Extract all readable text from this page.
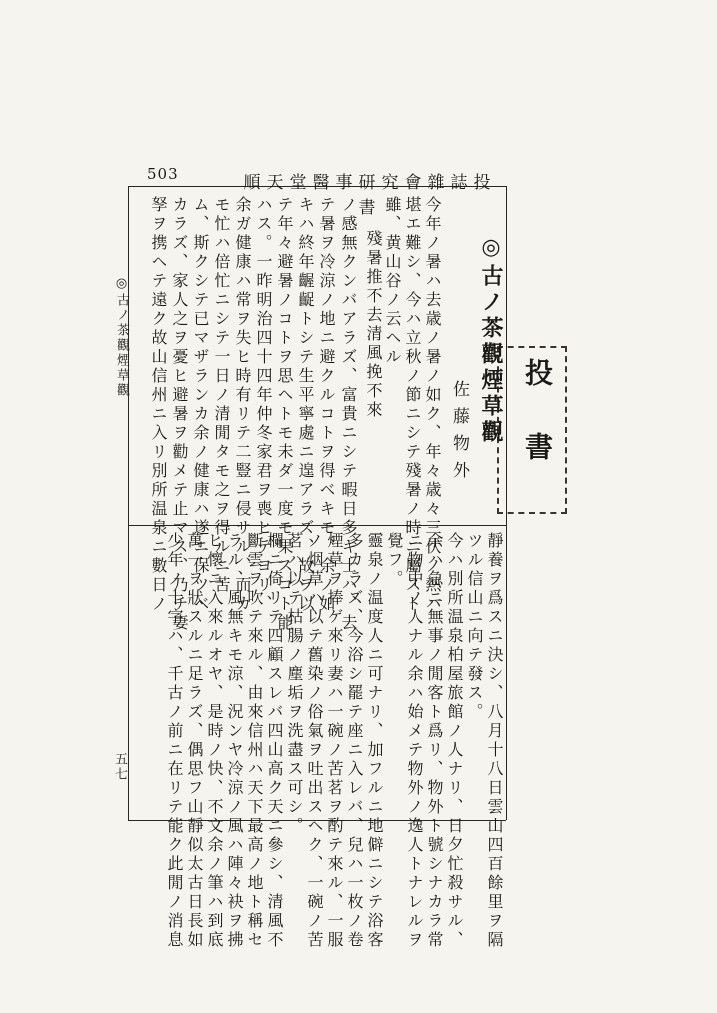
503	順天堂醫事研究會雜誌投書
◎古ノ茶觀煙草觀
五七
投書
◎古ノ茶觀煙草觀
佐藤物外
今年ノ暑ハ去歳ノ暑ノ如ク、年々歳々三伏ノ熱ハ
堪エ難シ、今ハ立秋ノ節ニシテ殘暑ノ時ニ屬スト
雖、黄山谷ノ云ヘル
殘暑推不去清風挽不來
ノ感無クンバアラズ、富貴ニシテ暇日多キ士ハ、去
テ暑ヲ冷涼ノ地ニ避クルコトヲ得ベキモ、余ノ如
キハ終年齷齪トシテ生平寧處ニ遑アラズ、故ヲ以
テ年々避暑ノコトヲ思ヘトモ未ダ一度モ果スコト能
ハス。一昨明治四十四年仲冬家君ヲ喪ヒテヨリ、
余ガ健康ハ常ヲ失ヒ時有リテ二豎ニ侵サル、而カ
モ忙ハ倍忙ニシテ一日ノ清閒タモ之ヲ得ルニ苦
ム、斯クシテ已マザランカ余ノ健康ハ遂ニ保ツベ
カラズ、家人之ヲ憂ヒ避暑ヲ勸メテ止マス、乃チ妻
孥ヲ携ヘテ遠ク故山信州ニ入リ別所温泉ニ數日ノ
靜養ヲ爲スニ決シ、八月十八日雲山四百餘里ヲ隔
ツル信山ニ向テ發ス。
今ハ別所温泉柏屋旅館ノ人ナリ、日夕忙殺サル、
余ハ急ニ無事ノ閒客ト爲リ、物外ト號シナカラ常
ニ物中ノ人ナル余ハ始メテ物外ノ逸人トナレルヲ
覺フ。
靈泉ノ温度人ニ可ナリ、加フルニ地僻ニシテ浴客
多カラズ、今浴シ罷テ座ニ入レバ、兒ハ一枚ノ卷
煙草ヲ捧ゲ來リ妻ハ一碗ノ苦茗ヲ酌テ來ル、一服
ノ烟草ハ以テ舊染ノ俗氣ヲ吐出スヘク、一碗ノ苦
茗ハ以テ枯腸ノ塵垢ヲ洗盡ス可シ。
欄ニ倚リテ四顧スレバ四山高ク天ニ參シ、清風不
斷雲ヲ吹テ來ル、由來信州ハ天下最高ノ地ト稱セ
ラル、風無キモ涼、況ンヤ冷涼ノ風ハ陣々袂ヲ拂
ヒ懷ニ入來ルオヤ、是時ノ快、不文余ノ筆ハ到底
萬一ヲ狀スルニ足ラズ、偶思フ山靜似太古日長如
少年ノ十字ハ、千古ノ前ニ在リテ能ク此閒ノ消息
